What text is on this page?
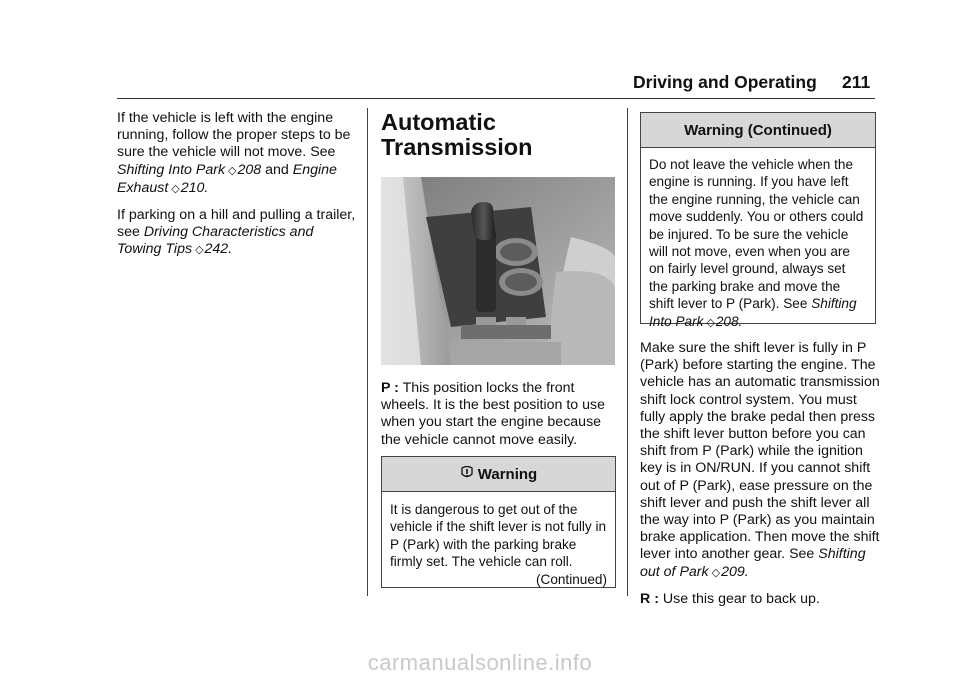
Driving and Operating 211

If the vehicle is left with the engine running, follow the proper steps to be sure the vehicle will not move. See Shifting Into Park ◇208 and Engine Exhaust ◇210.

If parking on a hill and pulling a trailer, see Driving Characteristics and Towing Tips ◇242.

Automatic
Transmission
P : This position locks the front wheels. It is the best position to use when you start the engine because the vehicle cannot move easily.
Warning
It is dangerous to get out of the vehicle if the shift lever is not fully in P (Park) with the parking brake firmly set. The vehicle can roll.
(Continued)
Warning (Continued)
Do not leave the vehicle when the engine is running. If you have left the engine running, the vehicle can move suddenly. You or others could be injured. To be sure the vehicle will not move, even when you are on fairly level ground, always set the parking brake and move the shift lever to P (Park). See Shifting Into Park ◇208.

Make sure the shift lever is fully in P (Park) before starting the engine. The vehicle has an automatic transmission shift lock control system. You must fully apply the brake pedal then press the shift lever button before you can shift from P (Park) while the ignition key is in ON/RUN. If you cannot shift out of P (Park), ease pressure on the shift lever and push the shift lever all the way into P (Park) as you maintain brake application. Then move the shift lever into another gear. See Shifting out of Park ◇209.

R : Use this gear to back up.

carmanualsonline.info
